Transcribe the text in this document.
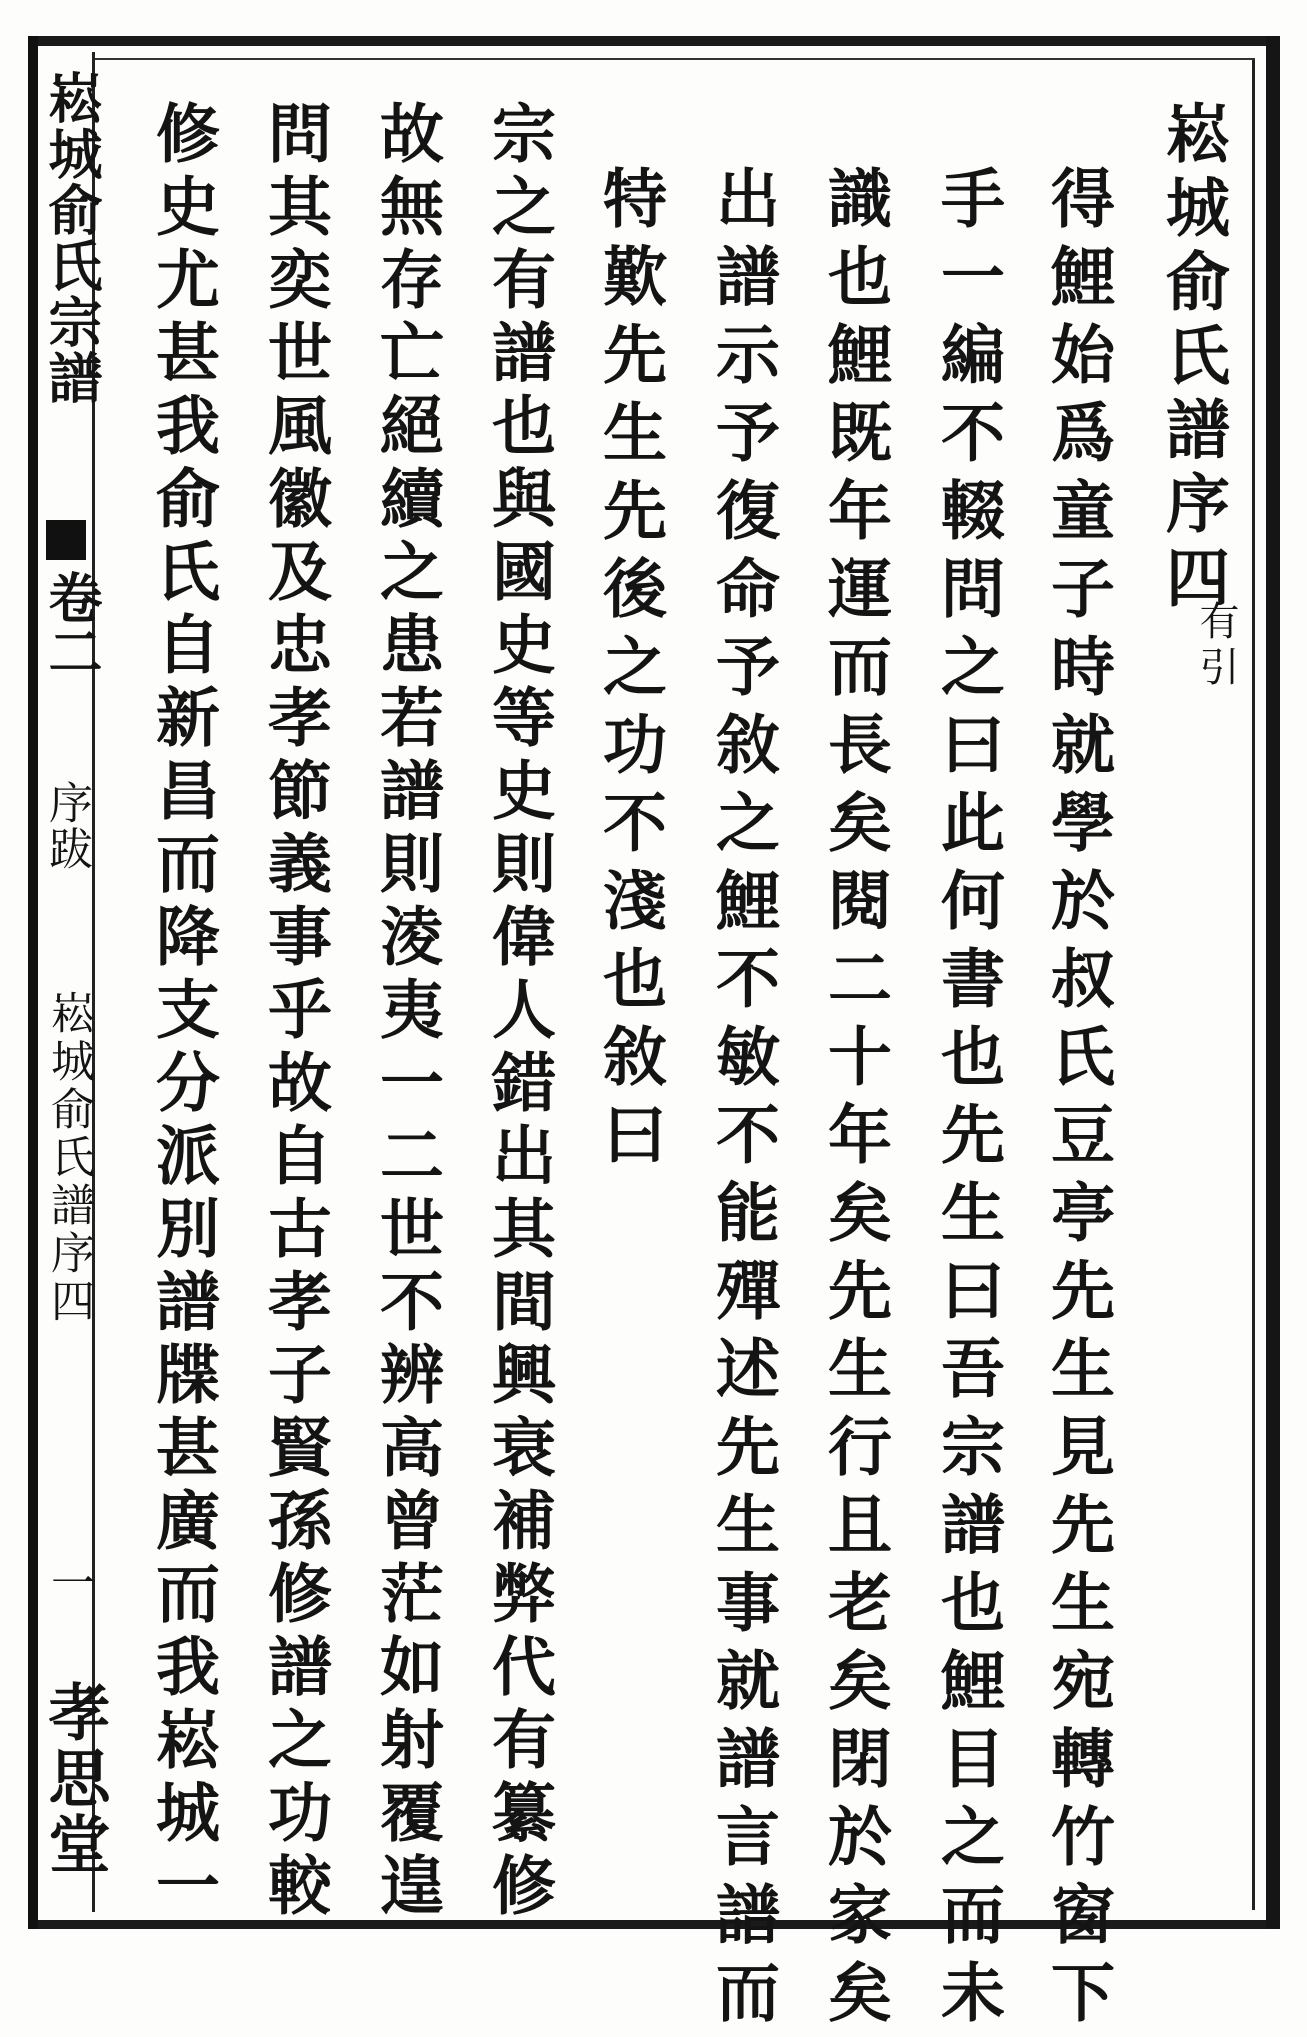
崧城俞氏宗譜
卷二
序跋
崧城俞氏譜序四
一
孝思堂
崧城俞氏譜序四
有引
得鯉始爲童子時就學於叔氏豆亭先生見先生宛轉竹窗下
手一編不輟問之曰此何書也先生曰吾宗譜也鯉目之而未
識也鯉既年運而長矣閱二十年矣先生行且老矣閉於家矣
出譜示予復命予敘之鯉不敏不能殫述先生事就譜言譜而
特歎先生先後之功不淺也敘曰
宗之有譜也與國史等史則偉人錯出其間興衰補弊代有纂修
故無存亡絕續之患若譜則淩夷一二世不辨高曾茫如射覆遑
問其奕世風徽及忠孝節義事乎故自古孝子賢孫修譜之功較
修史尤甚我俞氏自新昌而降支分派別譜牒甚廣而我崧城一
